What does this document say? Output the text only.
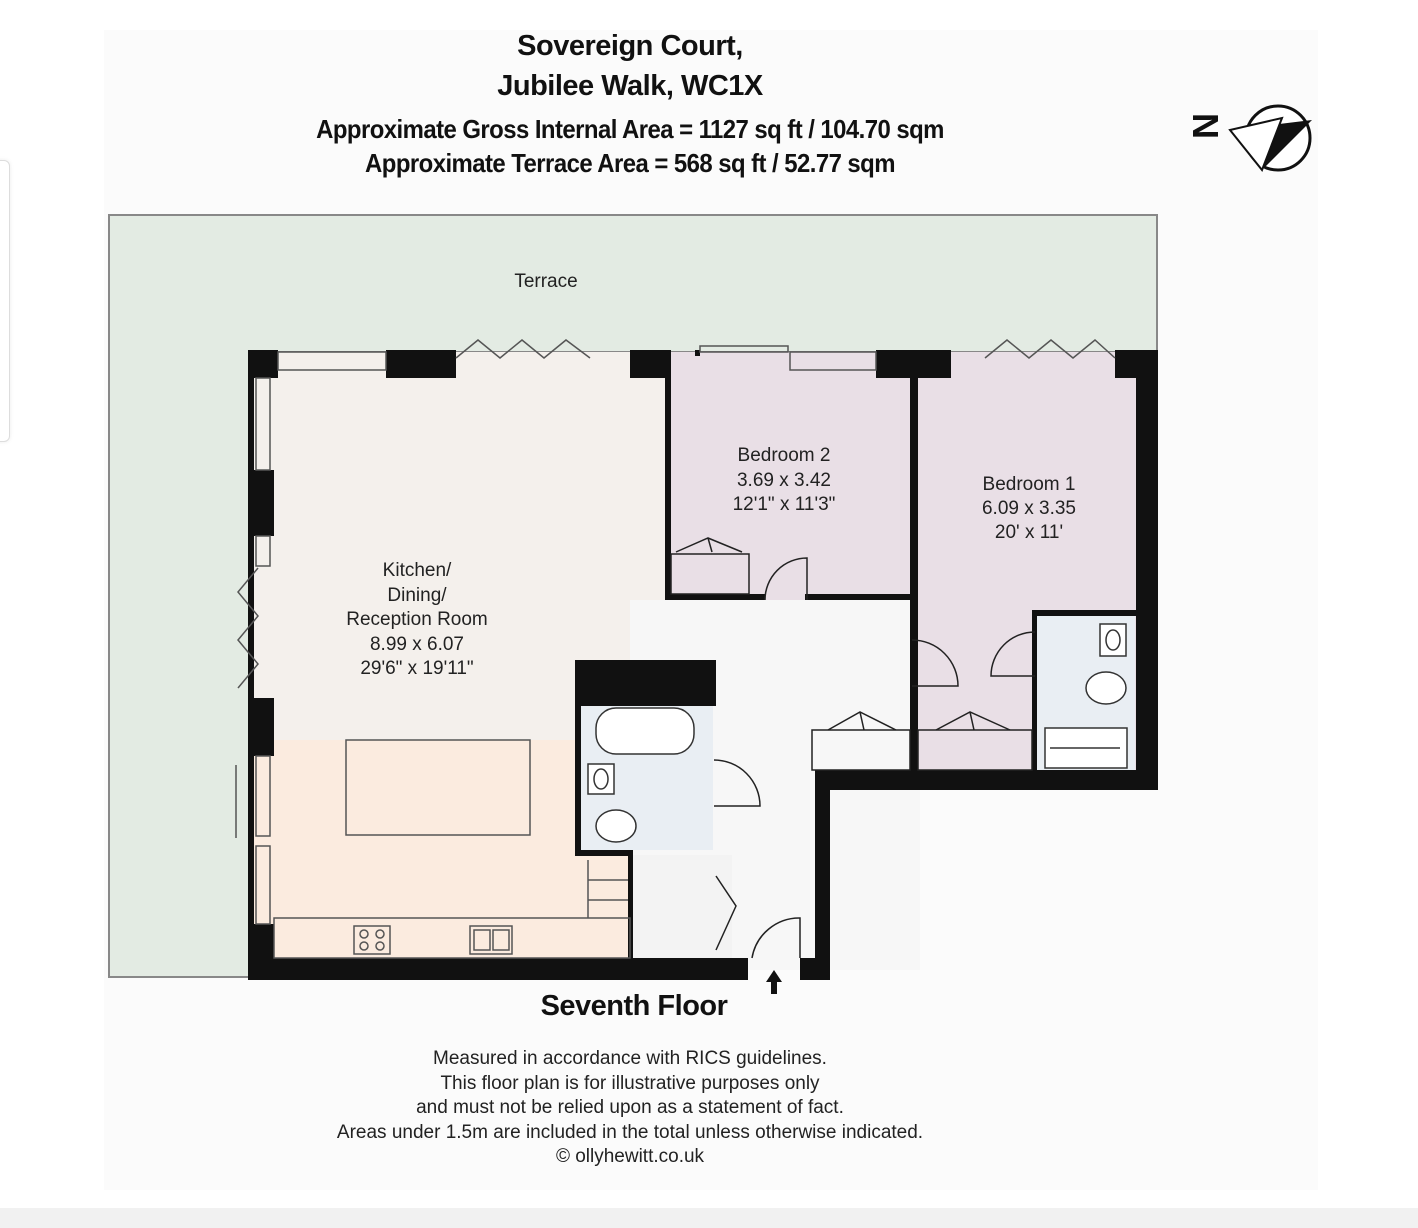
Sovereign Court,
Jubilee Walk, WC1X
Approximate Gross Internal Area = 1127 sq ft / 104.70 sqm
Approximate Terrace Area = 568 sq ft / 52.77 sqm
N
Terrace
Bedroom 2
3.69 x 3.42
12'1" x 11'3"
Bedroom 1
6.09 x 3.35
20' x 11'
Kitchen/
Dining/
Reception Room
8.99 x 6.07
29'6" x 19'11"
Seventh Floor
Measured in accordance with RICS guidelines.
This floor plan is for illustrative purposes only
and must not be relied upon as a statement of fact.
Areas under 1.5m are included in the total unless otherwise indicated.
© ollyhewitt.co.uk
